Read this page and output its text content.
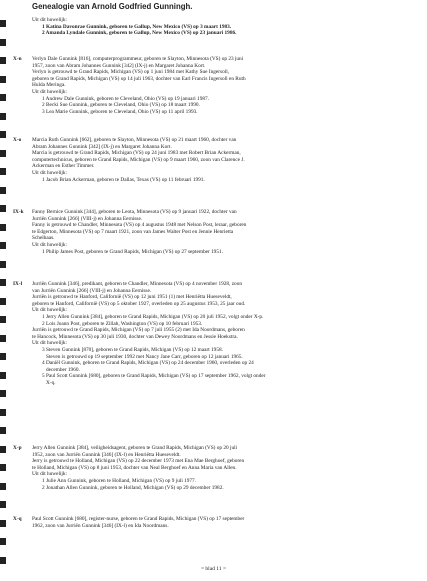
Genealogie van Arnold Godfried Gunningh.
Uit dit huwelijk:
1 Katina Davonrae Gunnink, geboren te Gallup, New Mexico (VS) op 3 maart 1983.
2 Amanda Lyndale Gunnink, geboren te Gallup, New Mexico (VS) op 23 januari 1986.
X-n	Verlyn Dale Gunnink [816], computerprogrammeur, geboren te Slayton, Minnesota (VS) op 23 juni
1957, zoon van Abram Johannes Gunnink [342] (IX-j) en Margaret Johanna Kort.
Verlyn is getrouwd te Grand Rapids, Michigan (VS) op 1 juni 1984 met Kathy Sue Ingersoll,
geboren te Grand Rapids, Michigan (VS) op 14 juli 1963, dochter van Earl Francis Ingersoll en Ruth
Hulda Meringa.
Uit dit huwelijk:
1 Andrew Dale Gunnink, geboren te Cleveland, Ohio (VS) op 19 januari 1987.
2 Becki Sue Gunnink, geboren te Cleveland, Ohio (VS) op 18 maart 1990.
3 Lea Marie Gunnink, geboren te Cleveland, Ohio (VS) op 11 april 1993.
X-o	Marcia Ruth Gunnink [662], geboren te Slayton, Minnesota (VS) op 21 maart 1960, dochter van
Abram Johannes Gunnink [342] (IX-j) en Margaret Johanna Kort.
Marcia is getrouwd te Grand Rapids, Michigan (VS) op 24 juni 1983 met Robert Brian Ackerman,
computertechnicus, geboren te Grand Rapids, Michigan (VS) op 9 maart 1960, zoon van Clarence J.
Ackerman en Esther Timmer.
Uit dit huwelijk:
1 Jacob Brian Ackerman, geboren te Dallas, Texas (VS) op 11 februari 1991.
IX-k	Fanny Bernice Gunnink [344], geboren te Leota, Minnesota (VS) op 9 januari 1922, dochter van
Jurriën Gunnink [266] (VIII-j) en Johanna Eernisse.
Fanny is getrouwd te Chandler, Minnesota (VS) op 4 augustus 1948 met Nelson Post, leraar, geboren
te Edgerton, Minnesota (VS) op 7 maart 1921, zoon van James Walter Post en Jennie Henrietta
Schelhaas.
Uit dit huwelijk:
1 Philip James Post, geboren te Grand Rapids, Michigan (VS) op 27 september 1951.
IX-l	Jurriën Gunnink [346], predikant, geboren te Chandler, Minnesota (VS) op 4 november 1928, zoon
van Jurriën Gunnink [266] (VIII-j) en Johanna Eernisse.
Jurriën is getrouwd te Hanford, Californië (VS) op 12 juni 1951 (1) met Henriëtta Hueseveldt,
geboren te Hanford, Californië (VS) op 5 oktober 1927, overleden op 25 augustus 1953, 25 jaar oud.
Uit dit huwelijk:
1 Jerry Allen Gunnink [384], geboren te Grand Rapids, Michigan (VS) op 20 juli 1952, volgt onder X-p.
2 Lois Joann Post, geboren te Zillah, Washington (VS) op 10 februari 1953.
Jurriën is getrouwd te Grand Rapids, Michigan (VS) op 7 juli 1955 (2) met Ida Noordmans, geboren
te Hancock, Minnesota (VS) op 30 juli 1930, dochter van Dewey Noordmans en Jessie Hoekstra.
Uit dit huwelijk:
3 Steven Gunnink [870], geboren te Grand Rapids, Michigan (VS) op 12 maart 1958.
Steven is getrouwd op 19 september 1992 met Nancy Jane Carr, geboren op 12 januari 1965.
4 Daniël Gunnink, geboren te Grand Rapids, Michigan (VS) op 24 december 1960, overleden op 24
december 1960.
5 Paul Scott Gunnink [680], geboren te Grand Rapids, Michigan (VS) op 17 september 1962, volgt onder
X-q.
X-p	Jerry Allen Gunnink [384], veiligheidsagent, geboren te Grand Rapids, Michigan (VS) op 20 juli
1952, zoon van Jurriën Gunnink [346] (IX-l) en Henriëtta Hueseveldt.
Jerry is getrouwd te Holland, Michigan (VS) op 22 december 1973 met Ena Mae Berghoef, geboren
te Holland, Michigan (VS) op 8 juni 1953, dochter van Neal Berghoef en Anna Maria van Allen.
Uit dit huwelijk:
1 Julie Ann Gunnink, geboren te Holland, Michigan (VS) op 9 juli 1977.
2 Jonathan Allen Gunnink, geboren te Holland, Michigan (VS) op 29 december 1982.
X-q	Paul Scott Gunnink [680], register-nurse, geboren te Grand Rapids, Michigan (VS) op 17 september
1962, zoon van Jurriën Gunnink [346] (IX-l) en Ida Noordmans.
= blad 11 =
